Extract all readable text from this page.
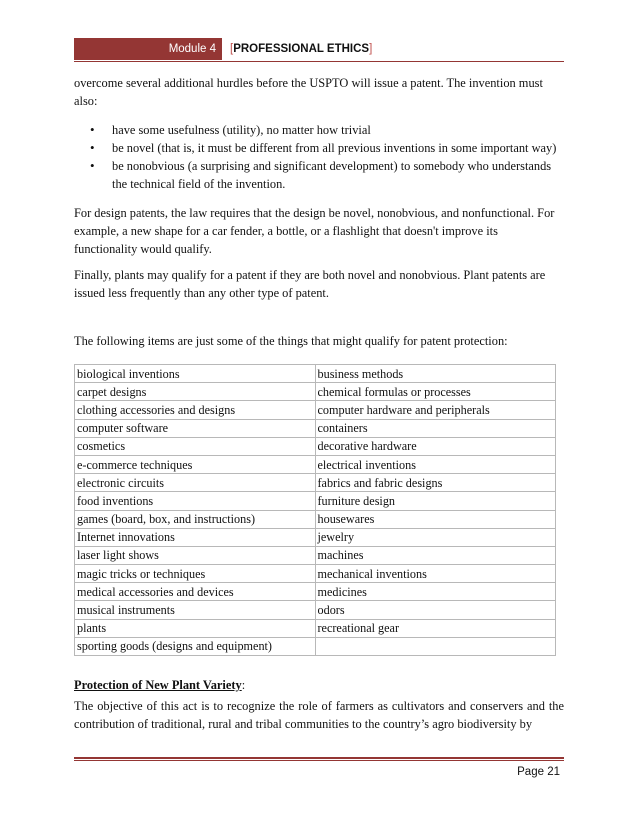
Module 4	[PROFESSIONAL ETHICS]

overcome several additional hurdles before the USPTO will issue a patent. The invention must also:

• have some usefulness (utility), no matter how trivial
• be novel (that is, it must be different from all previous inventions in some important way)
• be nonobvious (a surprising and significant development) to somebody who understands the technical field of the invention.

For design patents, the law requires that the design be novel, nonobvious, and nonfunctional. For example, a new shape for a car fender, a bottle, or a flashlight that doesn't improve its functionality would qualify.

Finally, plants may qualify for a patent if they are both novel and nonobvious. Plant patents are issued less frequently than any other type of patent.

The following items are just some of the things that might qualify for patent protection:

biological inventions	business methods
carpet designs	chemical formulas or processes
clothing accessories and designs	computer hardware and peripherals
computer software	containers
cosmetics	decorative hardware
e-commerce techniques	electrical inventions
electronic circuits	fabrics and fabric designs
food inventions	furniture design
games (board, box, and instructions)	housewares
Internet innovations	jewelry
laser light shows	machines
magic tricks or techniques	mechanical inventions
medical accessories and devices	medicines
musical instruments	odors
plants	recreational gear
sporting goods (designs and equipment)	
Protection of New Plant Variety:
The objective of this act is to recognize the role of farmers as cultivators and conservers and the contribution of traditional, rural and tribal communities to the country’s agro biodiversity by
Page 21
